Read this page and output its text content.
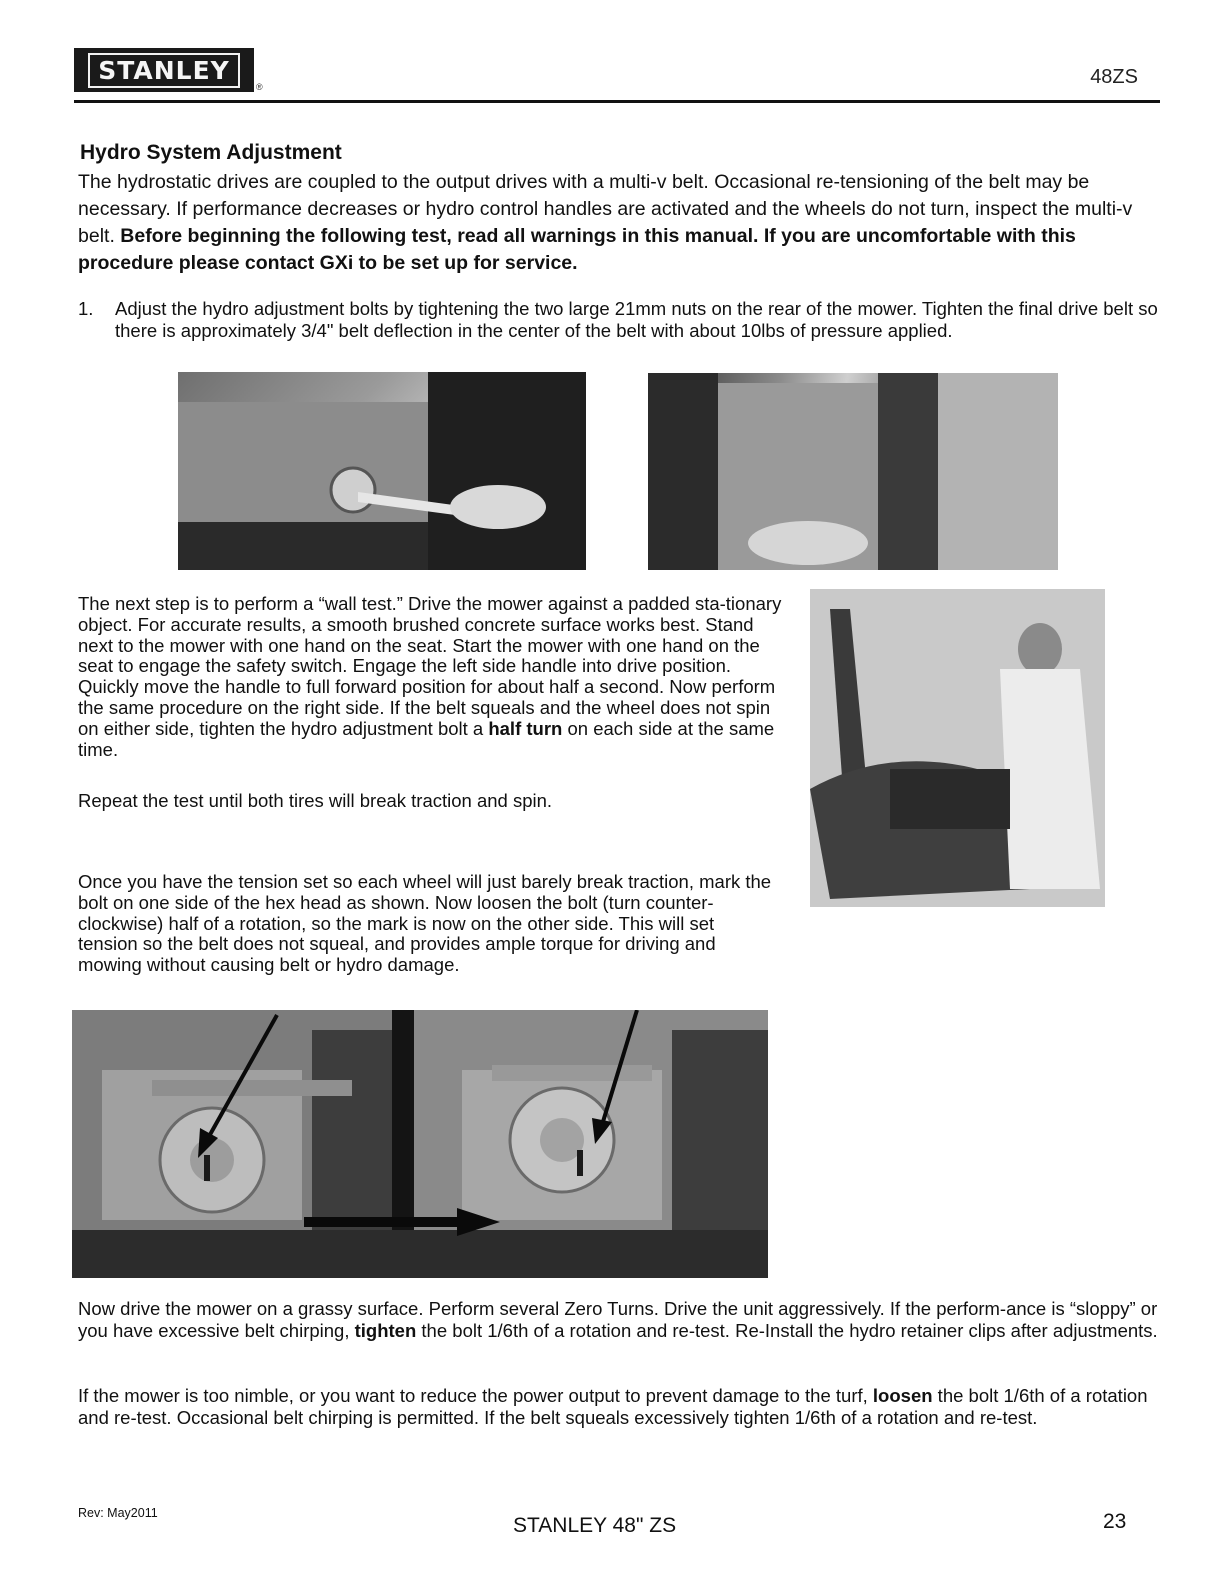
STANLEY
®	48ZS
Hydro System Adjustment

The hydrostatic drives are coupled to the output drives with a multi-v belt. Occasional re-tensioning of the belt may be necessary. If performance decreases or hydro control handles are activated and the wheels do not turn, inspect the multi-v belt. Before beginning the following test, read all warnings in this manual. If you are uncomfortable with this procedure please contact GXi to be set up for service.

1. Adjust the hydro adjustment bolts by tightening the two large 21mm nuts on the rear of the mower. Tighten the final drive belt so there is approximately 3/4" belt deflection in the center of the belt with about 10lbs of pressure applied.

The next step is to perform a “wall test.” Drive the mower against a padded sta-tionary object. For accurate results, a smooth brushed concrete surface works best. Stand next to the mower with one hand on the seat. Start the mower with one hand on the seat to engage the safety switch. Engage the left side handle into drive position. Quickly move the handle to full forward position for about half a second. Now perform the same procedure on the right side. If the belt squeals and the wheel does not spin on either side, tighten the hydro adjustment bolt a half turn on each side at the same time.

Repeat the test until both tires will break traction and spin.

Once you have the tension set so each wheel will just barely break traction, mark the bolt on one side of the hex head as shown. Now loosen the bolt (turn counter-clockwise) half of a rotation, so the mark is now on the other side. This will set tension so the belt does not squeal, and provides ample torque for driving and mowing without causing belt or hydro damage.

Now drive the mower on a grassy surface. Perform several Zero Turns. Drive the unit aggressively. If the perform-ance is “sloppy” or you have excessive belt chirping, tighten the bolt 1/6th of a rotation and re-test. Re-Install the hydro retainer clips after adjustments.

If the mower is too nimble, or you want to reduce the power output to prevent damage to the turf, loosen the bolt 1/6th of a rotation and re-test. Occasional belt chirping is permitted. If the belt squeals excessively tighten 1/6th of a rotation and re-test.

Rev: May2011
STANLEY 48" ZS	23
